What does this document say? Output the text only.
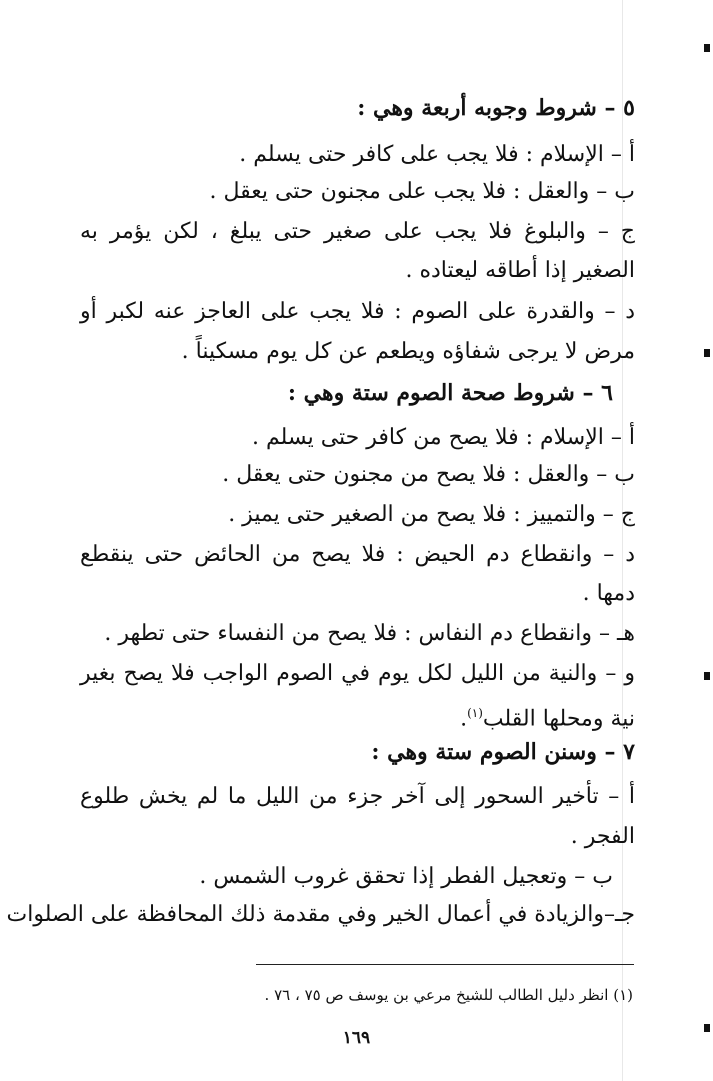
٥ – شروط وجوبه أربعة وهي :
أ – الإسلام : فلا يجب على كافر حتى يسلم .
ب – والعقل : فلا يجب على مجنون حتى يعقل .
ج – والبلوغ فلا يجب على صغير حتى يبلغ ، لكن يؤمر به
الصغير إذا أطاقه ليعتاده .
د – والقدرة على الصوم : فلا يجب على العاجز عنه لكبر أو
مرض لا يرجى شفاؤه ويطعم عن كل يوم مسكيناً .
٦ – شروط صحة الصوم ستة وهي :
أ – الإسلام : فلا يصح من كافر حتى يسلم .
ب – والعقل : فلا يصح من مجنون حتى يعقل .
ج – والتمييز : فلا يصح من الصغير حتى يميز .
د – وانقطاع دم الحيض : فلا يصح من الحائض حتى ينقطع
دمها .
هـ – وانقطاع دم النفاس : فلا يصح من النفساء حتى تطهر .
و – والنية من الليل لكل يوم في الصوم الواجب فلا يصح بغير
نية ومحلها القلب$^{(١)}$.
٧ – وسنن الصوم ستة وهي :
أ – تأخير السحور إلى آخر جزء من الليل ما لم يخش طلوع
الفجر .
ب – وتعجيل الفطر إذا تحقق غروب الشمس .
جـ–والزيادة في أعمال الخير وفي مقدمة ذلك المحافظة على الصلوات
(١) انظر دليل الطالب للشيخ مرعي بن يوسف ص ٧٥ ، ٧٦ .
١٦٩
